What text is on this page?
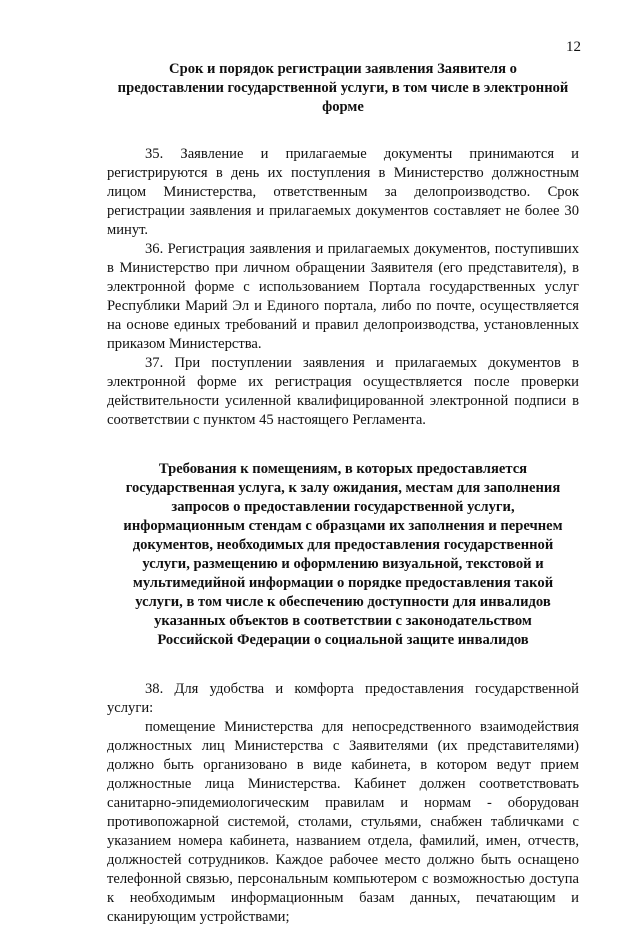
12

Срок и порядок регистрации заявления Заявителя о предоставлении государственной услуги, в том числе в электронной форме

35. Заявление и прилагаемые документы принимаются и регистрируются в день их поступления в Министерство должностным лицом Министерства, ответственным за делопроизводство. Срок регистрации заявления и прилагаемых документов составляет не более 30 минут.

36. Регистрация заявления и прилагаемых документов, поступивших в Министерство при личном обращении Заявителя (его представителя), в электронной форме с использованием Портала государственных услуг Республики Марий Эл и Единого портала, либо по почте, осуществляется на основе единых требований и правил делопроизводства, установленных приказом Министерства.

37. При поступлении заявления и прилагаемых документов в электронной форме их регистрация осуществляется после проверки действительности усиленной квалифицированной электронной подписи в соответствии с пунктом 45 настоящего Регламента.

Требования к помещениям, в которых предоставляется государственная услуга, к залу ожидания, местам для заполнения запросов о предоставлении государственной услуги, информационным стендам с образцами их заполнения и перечнем документов, необходимых для предоставления государственной услуги, размещению и оформлению визуальной, текстовой и мультимедийной информации о порядке предоставления такой услуги, в том числе к обеспечению доступности для инвалидов указанных объектов в соответствии с законодательством Российской Федерации о социальной защите инвалидов

38. Для удобства и комфорта предоставления государственной услуги:

помещение Министерства для непосредственного взаимодействия должностных лиц Министерства с Заявителями (их представителями) должно быть организовано в виде кабинета, в котором ведут прием должностные лица Министерства. Кабинет должен соответствовать санитарно-эпидемиологическим правилам и нормам - оборудован противопожарной системой, столами, стульями, снабжен табличками с указанием номера кабинета, названием отдела, фамилий, имен, отчеств, должностей сотрудников. Каждое рабочее место должно быть оснащено телефонной связью, персональным компьютером с возможностью доступа к необходимым информационным базам данных, печатающим и сканирующим устройствами;
